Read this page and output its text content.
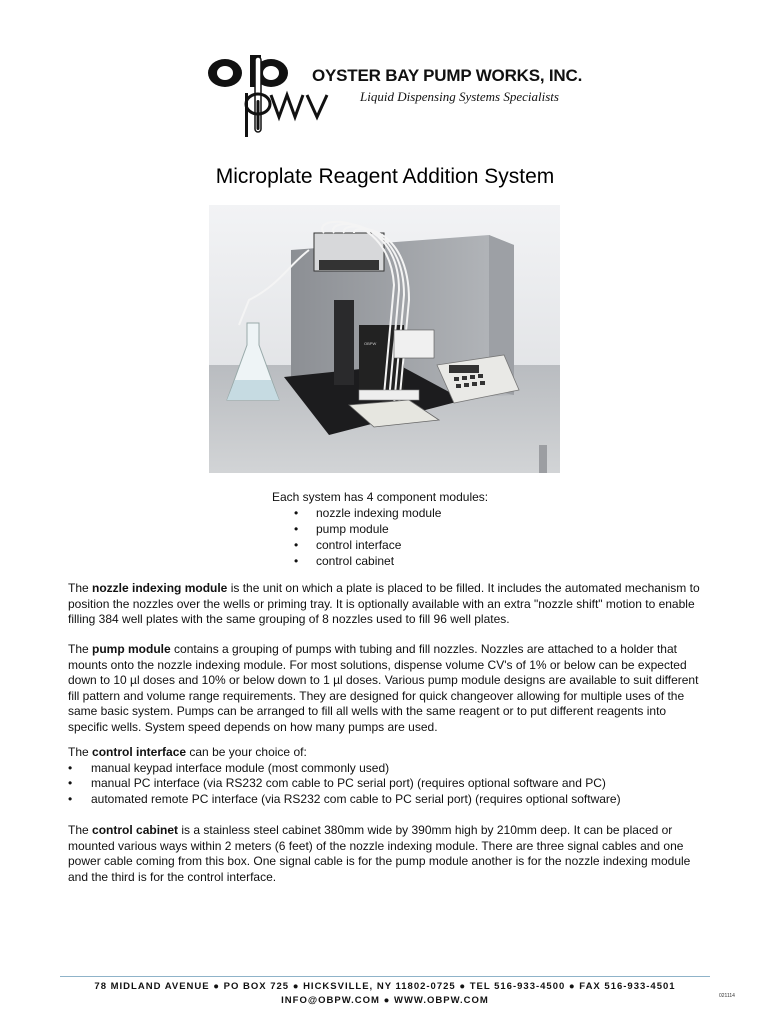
OYSTER BAY PUMP WORKS, INC.
Liquid Dispensing Systems Specialists
Microplate Reagent Addition System
OBPW
Each system has 4 component modules:
• nozzle indexing module
• pump module
• control interface
• control cabinet
The nozzle indexing module is the unit on which a plate is placed to be filled. It includes the automated mechanism to position the nozzles over the wells or priming tray. It is optionally available with an extra "nozzle shift" motion to enable filling 384 well plates with the same grouping of 8 nozzles used to fill 96 well plates.
The pump module contains a grouping of pumps with tubing and fill nozzles. Nozzles are attached to a holder that mounts onto the nozzle indexing module. For most solutions, dispense volume CV's of 1% or below can be expected down to 10 µl doses and 10% or below down to 1 µl doses. Various pump module designs are available to suit different fill pattern and volume range requirements. They are designed for quick changeover allowing for multiple uses of the same basic system. Pumps can be arranged to fill all wells with the same reagent or to put different reagents into specific wells. System speed depends on how many pumps are used.
The control interface can be your choice of:
• manual keypad interface module (most commonly used)
• manual PC interface (via RS232 com cable to PC serial port) (requires optional software and PC)
• automated remote PC interface (via RS232 com cable to PC serial port) (requires optional software)
The control cabinet is a stainless steel cabinet 380mm wide by 390mm high by 210mm deep. It can be placed or mounted various ways within 2 meters (6 feet) of the nozzle indexing module. There are three signal cables and one power cable coming from this box. One signal cable is for the pump module another is for the nozzle indexing module and the third is for the control interface.
78 MIDLAND AVENUE ● PO BOX 725 ● HICKSVILLE, NY 11802-0725 ● TEL 516-933-4500 ● FAX 516-933-4501
INFO@OBPW.COM ● WWW.OBPW.COM	021114
